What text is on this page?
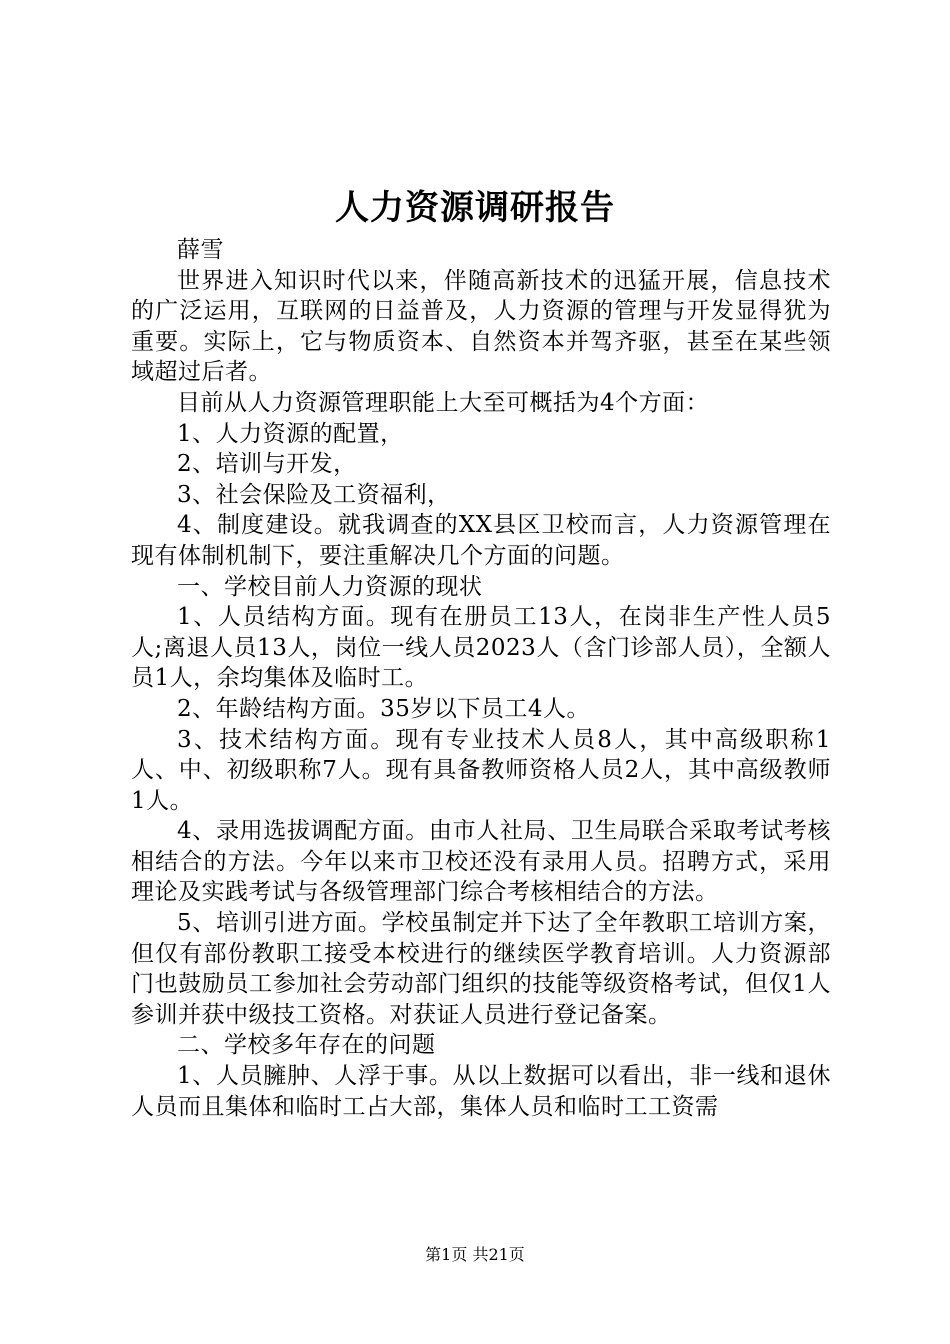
人力资源调研报告

薛雪

世界进入知识时代以来，伴随高新技术的迅猛开展，信息技术的广泛运用，互联网的日益普及，人力资源的管理与开发显得犹为重要。实际上，它与物质资本、自然资本并驾齐驱，甚至在某些领域超过后者。

目前从人力资源管理职能上大至可概括为4个方面：

1、人力资源的配置，

2、培训与开发，

3、社会保险及工资福利，

4、制度建设。就我调查的XX县区卫校而言，人力资源管理在现有体制机制下，要注重解决几个方面的问题。

一、学校目前人力资源的现状

1、人员结构方面。现有在册员工13人，在岗非生产性人员5人;离退人员13人，岗位一线人员2023人（含门诊部人员），全额人员1人，余均集体及临时工。

2、年龄结构方面。35岁以下员工4人。

3、技术结构方面。现有专业技术人员8人，其中高级职称1人、中、初级职称7人。现有具备教师资格人员2人，其中高级教师1人。

4、录用选拔调配方面。由市人社局、卫生局联合采取考试考核相结合的方法。今年以来市卫校还没有录用人员。招聘方式，采用理论及实践考试与各级管理部门综合考核相结合的方法。

5、培训引进方面。学校虽制定并下达了全年教职工培训方案，但仅有部份教职工接受本校进行的继续医学教育培训。人力资源部门也鼓励员工参加社会劳动部门组织的技能等级资格考试，但仅1人参训并获中级技工资格。对获证人员进行登记备案。

二、学校多年存在的问题

1、人员臃肿、人浮于事。从以上数据可以看出，非一线和退休人员而且集体和临时工占大部，集体人员和临时工工资需

第1页 共21页
